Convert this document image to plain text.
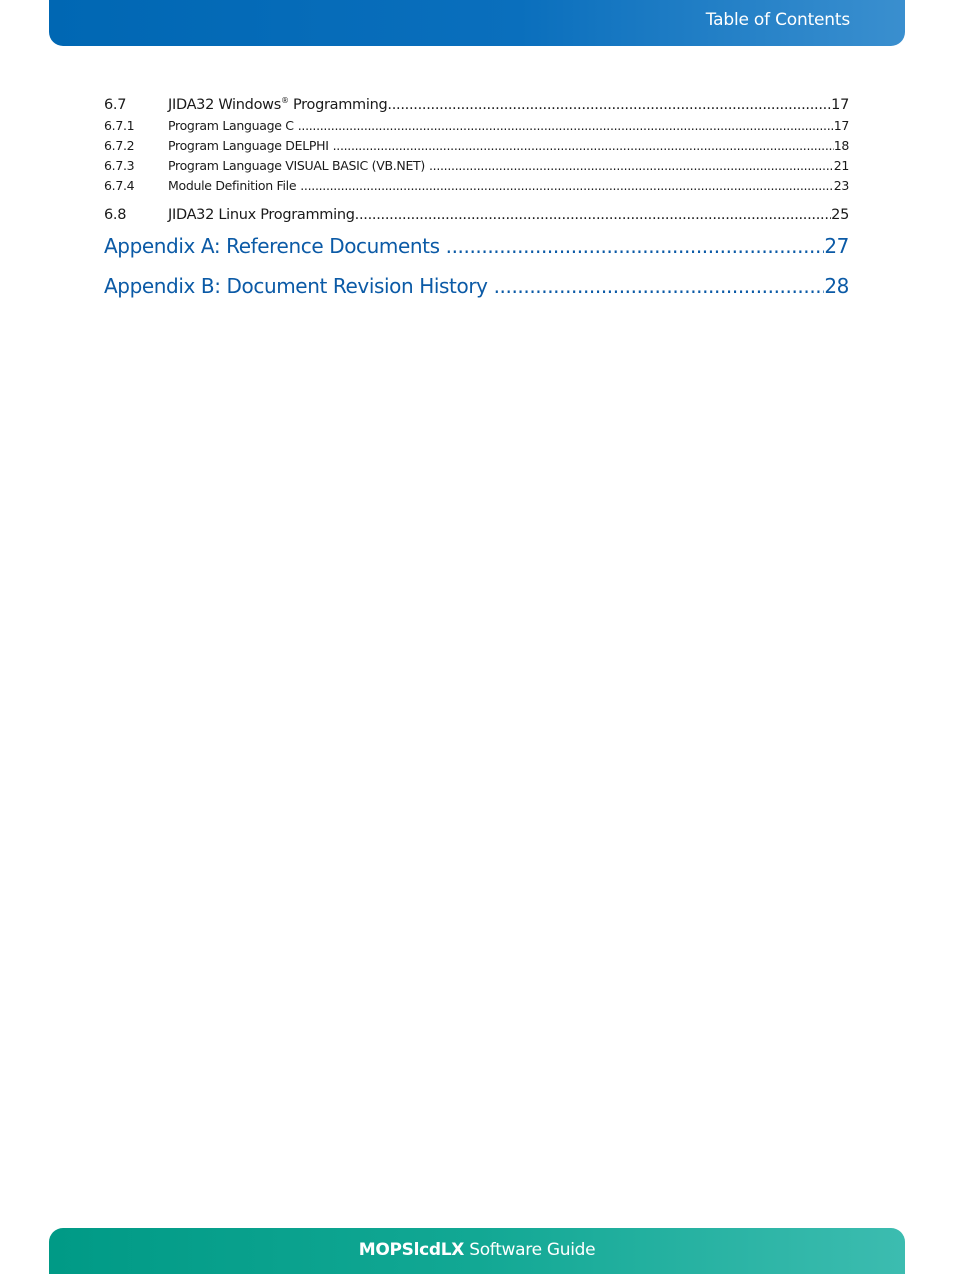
Table of Contents
6.7	JIDA32 Windows® Programming .....	17
6.7.1	Program Language C .....	17
6.7.2	Program Language DELPHI .....	18
6.7.3	Program Language VISUAL BASIC (VB.NET) .....	21
6.7.4	Module Definition File .....	23
6.8	JIDA32 Linux Programming .....	25
Appendix A: Reference Documents .....	27
Appendix B: Document Revision History .....	28
MOPSlcdLX Software Guide
